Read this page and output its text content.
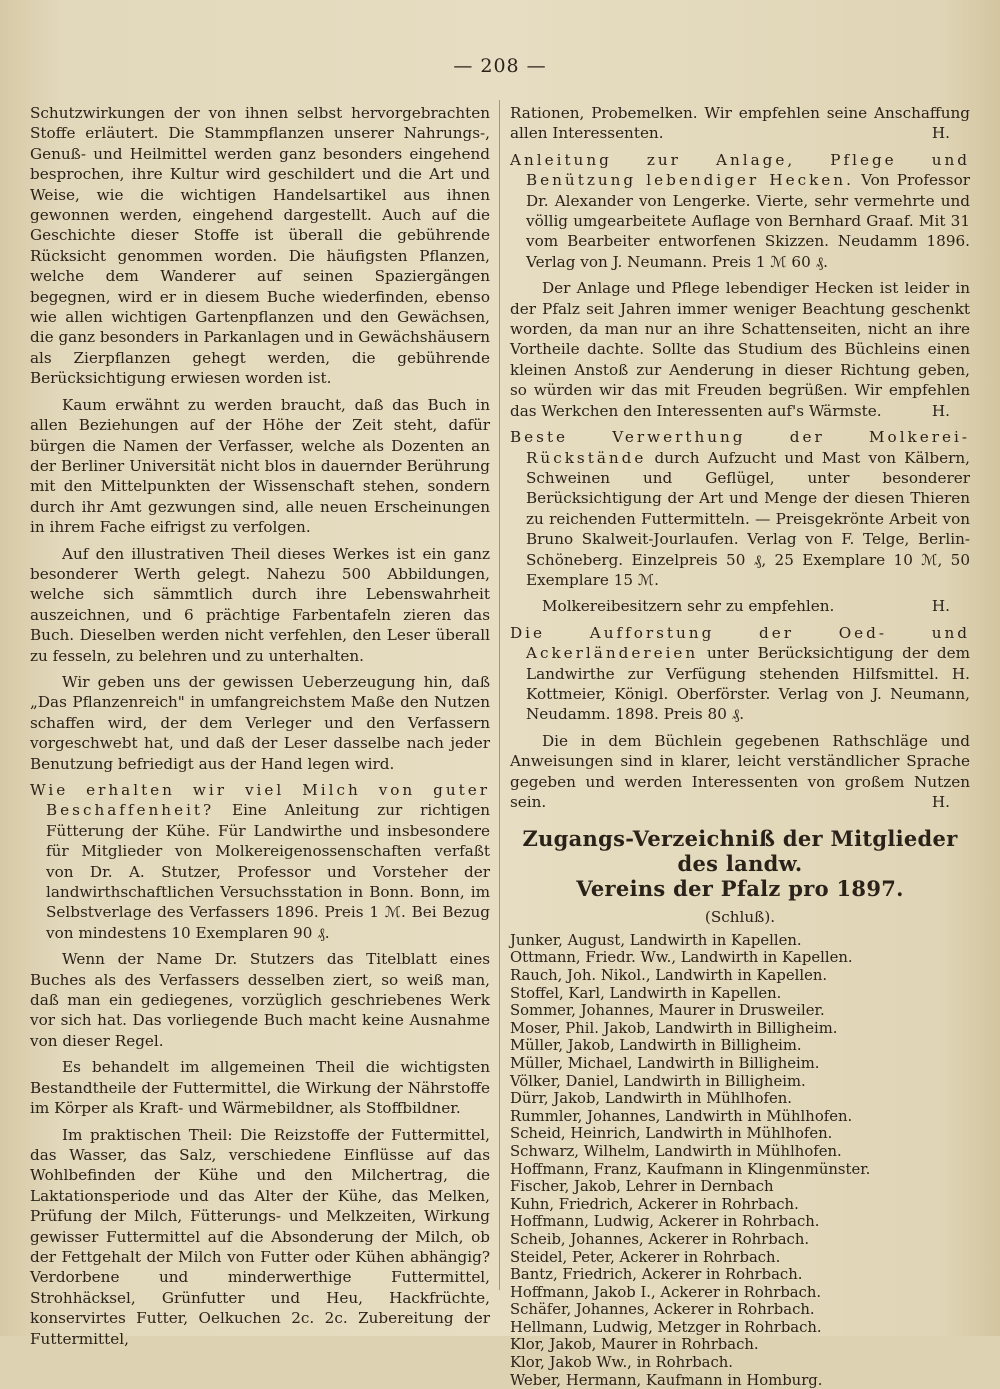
— 208 —

Schutzwirkungen der von ihnen selbst hervorgebrachten Stoffe erläutert. Die Stammpflanzen unserer Nahrungs-, Genuß- und Heilmittel werden ganz besonders eingehend besprochen, ihre Kultur wird geschildert und die Art und Weise, wie die wichtigen Handelsartikel aus ihnen gewonnen werden, eingehend dargestellt. Auch auf die Geschichte dieser Stoffe ist überall die gebührende Rücksicht genommen worden. Die häufigsten Pflanzen, welche dem Wanderer auf seinen Spaziergängen begegnen, wird er in diesem Buche wiederfinden, ebenso wie allen wichtigen Gartenpflanzen und den Gewächsen, die ganz besonders in Parkanlagen und in Gewächshäusern als Zierpflanzen gehegt werden, die gebührende Berücksichtigung erwiesen worden ist.

Kaum erwähnt zu werden braucht, daß das Buch in allen Beziehungen auf der Höhe der Zeit steht, dafür bürgen die Namen der Verfasser, welche als Dozenten an der Berliner Universität nicht blos in dauernder Berührung mit den Mittelpunkten der Wissenschaft stehen, sondern durch ihr Amt gezwungen sind, alle neuen Erscheinungen in ihrem Fache eifrigst zu verfolgen.

Auf den illustrativen Theil dieses Werkes ist ein ganz besonderer Werth gelegt. Nahezu 500 Abbildungen, welche sich sämmtlich durch ihre Lebenswahrheit auszeichnen, und 6 prächtige Farbentafeln zieren das Buch. Dieselben werden nicht verfehlen, den Leser überall zu fesseln, zu belehren und zu unterhalten.

Wir geben uns der gewissen Ueberzeugung hin, daß „Das Pflanzenreich" in umfangreichstem Maße den Nutzen schaffen wird, der dem Verleger und den Verfassern vorgeschwebt hat, und daß der Leser dasselbe nach jeder Benutzung befriedigt aus der Hand legen wird.

Wie erhalten wir viel Milch von guter Beschaffenheit? Eine Anleitung zur richtigen Fütterung der Kühe. Für Landwirthe und insbesondere für Mitglieder von Molkereigenossenschaften verfaßt von Dr. A. Stutzer, Professor und Vorsteher der landwirthschaftlichen Versuchsstation in Bonn. Bonn, im Selbstverlage des Verfassers 1896. Preis 1 ℳ. Bei Bezug von mindestens 10 Exemplaren 90 ₰.

Wenn der Name Dr. Stutzers das Titelblatt eines Buches als des Verfassers desselben ziert, so weiß man, daß man ein gediegenes, vorzüglich geschriebenes Werk vor sich hat. Das vorliegende Buch macht keine Ausnahme von dieser Regel.

Es behandelt im allgemeinen Theil die wichtigsten Bestandtheile der Futtermittel, die Wirkung der Nährstoffe im Körper als Kraft- und Wärmebildner, als Stoffbildner.

Im praktischen Theil: Die Reizstoffe der Futtermittel, das Wasser, das Salz, verschiedene Einflüsse auf das Wohlbefinden der Kühe und den Milchertrag, die Laktationsperiode und das Alter der Kühe, das Melken, Prüfung der Milch, Fütterungs- und Melkzeiten, Wirkung gewisser Futtermittel auf die Absonderung der Milch, ob der Fettgehalt der Milch von Futter oder Kühen abhängig? Verdorbene und minderwerthige Futtermittel, Strohhäcksel, Grünfutter und Heu, Hackfrüchte, konservirtes Futter, Oelkuchen 2c. 2c. Zubereitung der Futtermittel,

Rationen, Probemelken. Wir empfehlen seine Anschaffung allen Interessenten.	H.

Anleitung zur Anlage, Pflege und Benützung lebendiger Hecken. Von Professor Dr. Alexander von Lengerke. Vierte, sehr vermehrte und völlig umgearbeitete Auflage von Bernhard Graaf. Mit 31 vom Bearbeiter entworfenen Skizzen. Neudamm 1896. Verlag von J. Neumann. Preis 1 ℳ 60 ₰.

Der Anlage und Pflege lebendiger Hecken ist leider in der Pfalz seit Jahren immer weniger Beachtung geschenkt worden, da man nur an ihre Schattenseiten, nicht an ihre Vortheile dachte. Sollte das Studium des Büchleins einen kleinen Anstoß zur Aenderung in dieser Richtung geben, so würden wir das mit Freuden begrüßen. Wir empfehlen das Werkchen den Interessenten auf's Wärmste.	H.

Beste Verwerthung der Molkerei-Rückstände durch Aufzucht und Mast von Kälbern, Schweinen und Geflügel, unter besonderer Berücksichtigung der Art und Menge der diesen Thieren zu reichenden Futtermitteln. — Preisgekrönte Arbeit von Bruno Skalweit-Jourlaufen. Verlag von F. Telge, Berlin-Schöneberg. Einzelpreis 50 ₰, 25 Exemplare 10 ℳ, 50 Exemplare 15 ℳ.

Molkereibesitzern sehr zu empfehlen.	H.

Die Aufforstung der Oed- und Ackerländereien unter Berücksichtigung der dem Landwirthe zur Verfügung stehenden Hilfsmittel. H. Kottmeier, Königl. Oberförster. Verlag von J. Neumann, Neudamm. 1898. Preis 80 ₰.

Die in dem Büchlein gegebenen Rathschläge und Anweisungen sind in klarer, leicht verständlicher Sprache gegeben und werden Interessenten von großem Nutzen sein.	H.

Zugangs-Verzeichniß der Mitglieder des landw.
Vereins der Pfalz pro 1897.
(Schluß).
Junker, August, Landwirth in Kapellen.
Ottmann, Friedr. Ww., Landwirth in Kapellen.
Rauch, Joh. Nikol., Landwirth in Kapellen.
Stoffel, Karl, Landwirth in Kapellen.
Sommer, Johannes, Maurer in Drusweiler.
Moser, Phil. Jakob, Landwirth in Billigheim.
Müller, Jakob, Landwirth in Billigheim.
Müller, Michael, Landwirth in Billigheim.
Völker, Daniel, Landwirth in Billigheim.
Dürr, Jakob, Landwirth in Mühlhofen.
Rummler, Johannes, Landwirth in Mühlhofen.
Scheid, Heinrich, Landwirth in Mühlhofen.
Schwarz, Wilhelm, Landwirth in Mühlhofen.
Hoffmann, Franz, Kaufmann in Klingenmünster.
Fischer, Jakob, Lehrer in Dernbach
Kuhn, Friedrich, Ackerer in Rohrbach.
Hoffmann, Ludwig, Ackerer in Rohrbach.
Scheib, Johannes, Ackerer in Rohrbach.
Steidel, Peter, Ackerer in Rohrbach.
Bantz, Friedrich, Ackerer in Rohrbach.
Hoffmann, Jakob I., Ackerer in Rohrbach.
Schäfer, Johannes, Ackerer in Rohrbach.
Hellmann, Ludwig, Metzger in Rohrbach.
Klor, Jakob, Maurer in Rohrbach.
Klor, Jakob Ww., in Rohrbach.
Weber, Hermann, Kaufmann in Homburg.
